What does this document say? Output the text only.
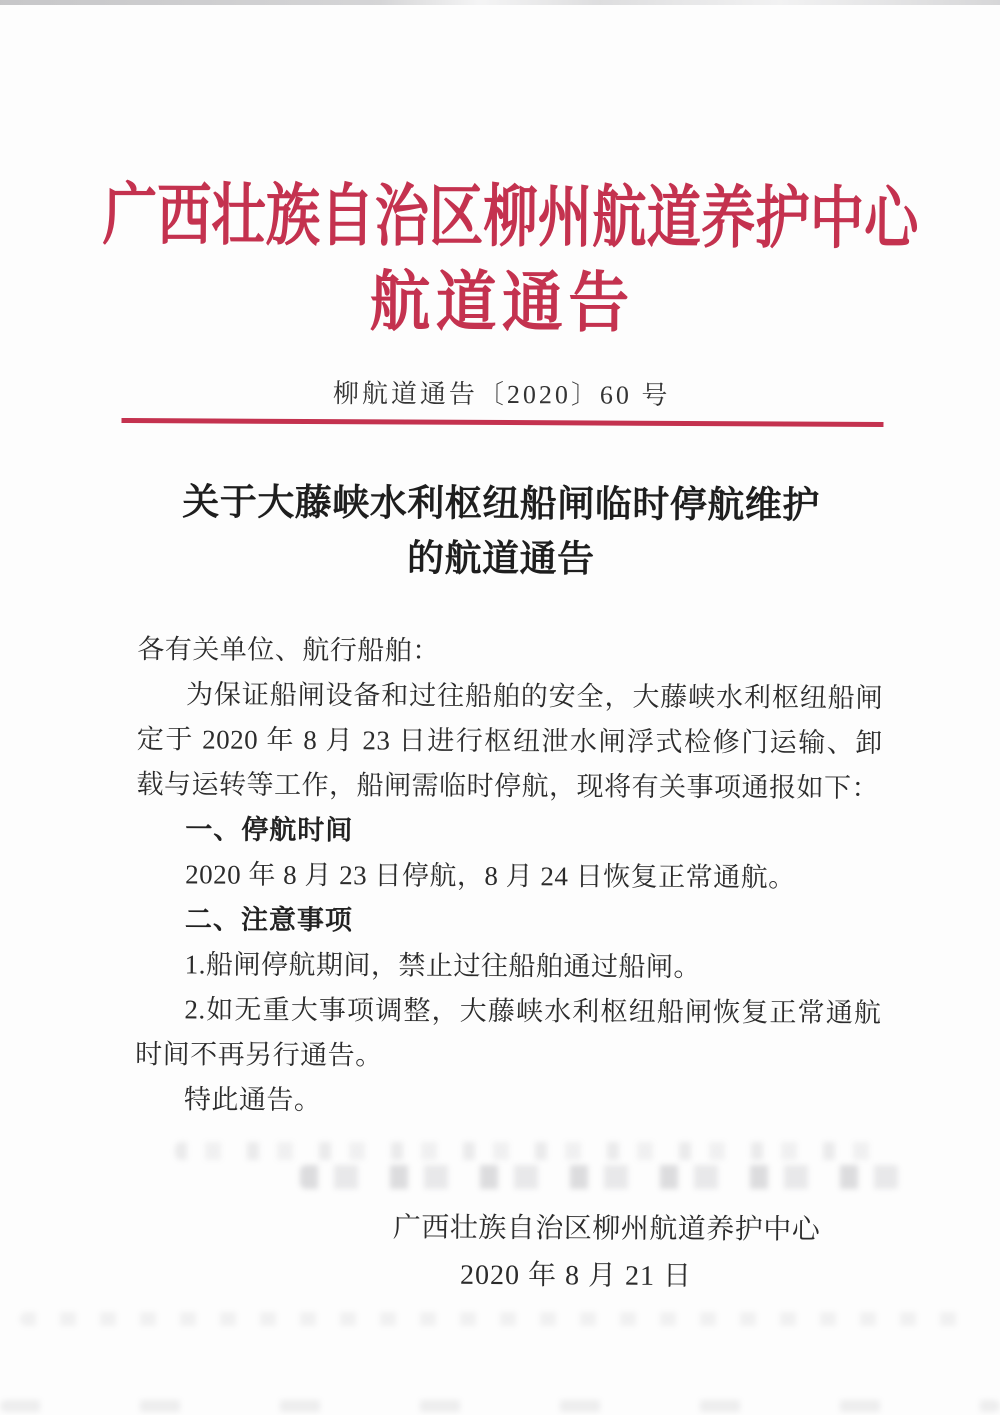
广西壮族自治区柳州航道养护中心
航道通告
柳航道通告〔2020〕60 号
关于大藤峡水利枢纽船闸临时停航维护
的航道通告

各有关单位、航行船舶：

为保证船闸设备和过往船舶的安全，大藤峡水利枢纽船闸定于 2020 年 8 月 23 日进行枢纽泄水闸浮式检修门运输、卸载与运转等工作，船闸需临时停航，现将有关事项通报如下：

一、停航时间

2020 年 8 月 23 日停航，8 月 24 日恢复正常通航。

二、注意事项

1.船闸停航期间，禁止过往船舶通过船闸。

2.如无重大事项调整，大藤峡水利枢纽船闸恢复正常通航时间不再另行通告。

特此通告。

广西壮族自治区柳州航道养护中心
2020 年 8 月 21 日
